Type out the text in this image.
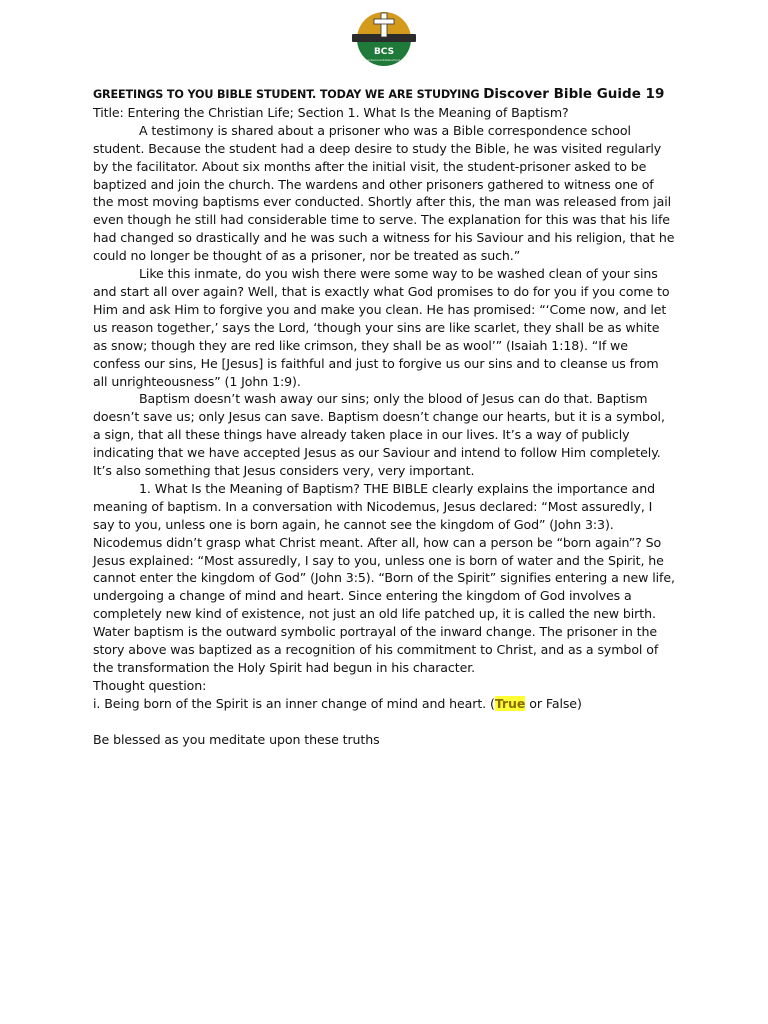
BCS
www.discoverbibleschool.org

GREETINGS TO YOU BIBLE STUDENT. TODAY WE ARE STUDYING Discover Bible Guide 19

Title: Entering the Christian Life; Section 1. What Is the Meaning of Baptism?

A testimony is shared about a prisoner who was a Bible correspondence school student. Because the student had a deep desire to study the Bible, he was visited regularly by the facilitator. About six months after the initial visit, the student-prisoner asked to be baptized and join the church. The wardens and other prisoners gathered to witness one of the most moving baptisms ever conducted. Shortly after this, the man was released from jail even though he still had considerable time to serve. The explanation for this was that his life had changed so drastically and he was such a witness for his Saviour and his religion, that he could no longer be thought of as a prisoner, nor be treated as such.”

Like this inmate, do you wish there were some way to be washed clean of your sins and start all over again? Well, that is exactly what God promises to do for you if you come to Him and ask Him to forgive you and make you clean. He has promised: “‘Come now, and let us reason together,’ says the Lord, ‘though your sins are like scarlet, they shall be as white as snow; though they are red like crimson, they shall be as wool’” (Isaiah 1:18). “If we confess our sins, He [Jesus] is faithful and just to forgive us our sins and to cleanse us from all unrighteousness” (1 John 1:9).

Baptism doesn’t wash away our sins; only the blood of Jesus can do that. Baptism doesn’t save us; only Jesus can save. Baptism doesn’t change our hearts, but it is a symbol, a sign, that all these things have already taken place in our lives. It’s a way of publicly indicating that we have accepted Jesus as our Saviour and intend to follow Him completely. It’s also something that Jesus considers very, very important.

1. What Is the Meaning of Baptism? THE BIBLE clearly explains the importance and meaning of baptism. In a conversation with Nicodemus, Jesus declared: “Most assuredly, I say to you, unless one is born again, he cannot see the kingdom of God” (John 3:3). Nicodemus didn’t grasp what Christ meant. After all, how can a person be “born again”? So Jesus explained: “Most assuredly, I say to you, unless one is born of water and the Spirit, he cannot enter the kingdom of God” (John 3:5). “Born of the Spirit” signifies entering a new life, undergoing a change of mind and heart. Since entering the kingdom of God involves a completely new kind of existence, not just an old life patched up, it is called the new birth. Water baptism is the outward symbolic portrayal of the inward change. The prisoner in the story above was baptized as a recognition of his commitment to Christ, and as a symbol of the transformation the Holy Spirit had begun in his character.

Thought question:

i. Being born of the Spirit is an inner change of mind and heart. (True or False)

Be blessed as you meditate upon these truths
